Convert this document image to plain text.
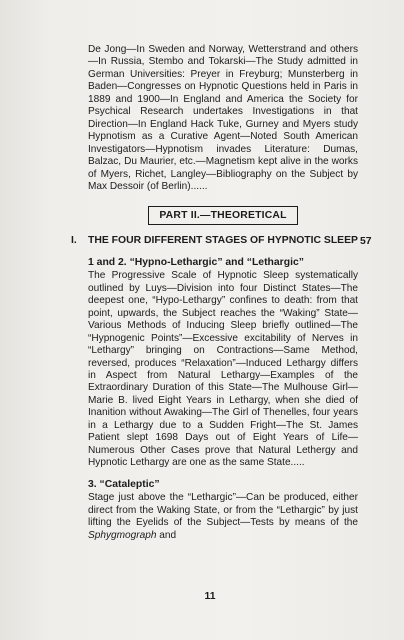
De Jong—In Sweden and Norway, Wetterstrand and others—In Russia, Stembo and Tokarski—The Study admitted in German Universities: Preyer in Freyburg; Munsterberg in Baden—Congresses on Hypnotic Questions held in Paris in 1889 and 1900—In England and America the Society for Psychical Research undertakes Investigations in that Direction—In England Hack Tuke, Gurney and Myers study Hypnotism as a Curative Agent—Noted South American Investigators—Hypnotism invades Literature: Dumas, Balzac, Du Maurier, etc.—Magnetism kept alive in the works of Myers, Richet, Langley—Bibliography on the Subject by Max Dessoir (of Berlin)......

PART II.—THEORETICAL
I. THE FOUR DIFFERENT STAGES OF HYPNOTIC SLEEP 57
1 and 2. “Hypno-Lethargic” and “Lethargic”

The Progressive Scale of Hypnotic Sleep systematically outlined by Luys—Division into four Distinct States—The deepest one, “Hypo-Lethargy” confines to death: from that point, upwards, the Subject reaches the “Waking” State—Various Methods of Inducing Sleep briefly outlined—The “Hypnogenic Points”—Excessive excitability of Nerves in “Lethargy” bringing on Contractions—Same Method, reversed, produces “Relaxation”—Induced Lethargy differs in Aspect from Natural Lethargy—Examples of the Extraordinary Duration of this State—The Mulhouse Girl—Marie B. lived Eight Years in Lethargy, when she died of Inanition without Awaking—The Girl of Thenelles, four years in a Lethargy due to a Sudden Fright—The St. James Patient slept 1698 Days out of Eight Years of Life—Numerous Other Cases prove that Natural Lethergy and Hypnotic Lethargy are one as the same State.....

3. “Cataleptic”

Stage just above the “Lethargic”—Can be produced, either direct from the Waking State, or from the “Lethargic” by just lifting the Eyelids of the Subject—Tests by means of the Sphygmograph and

11
